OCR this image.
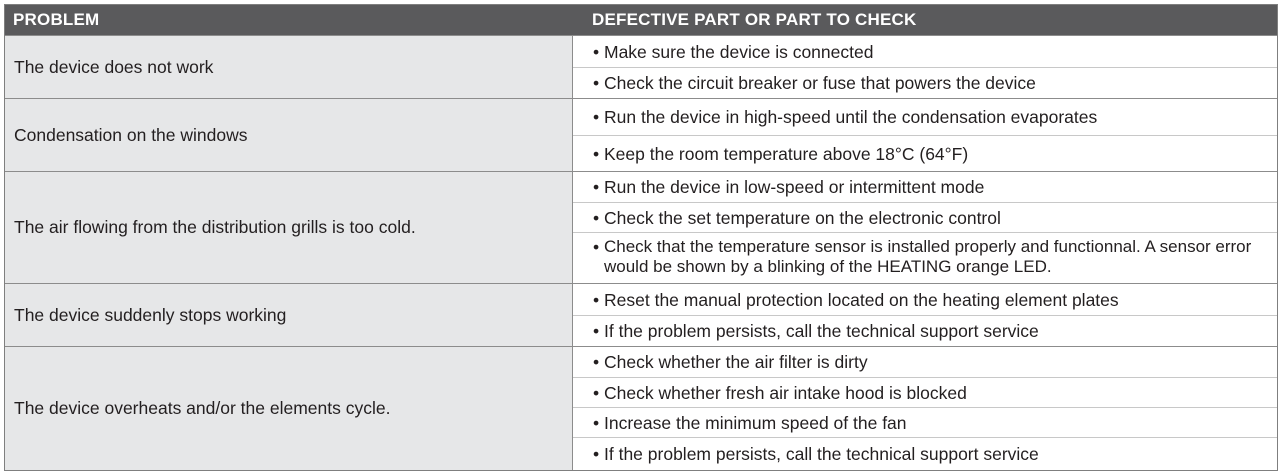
PROBLEM	DEFECTIVE PART OR PART TO CHECK
The device does not work
• Make sure the device is connected
• Check the circuit breaker or fuse that powers the device
Condensation on the windows
• Run the device in high-speed until the condensation evaporates
• Keep the room temperature above 18°C (64°F)
The air flowing from the distribution grills is too cold.
• Run the device in low-speed or intermittent mode
• Check the set temperature on the electronic control
• Check that the temperature sensor is installed properly and functionnal. A sensor error would be shown by a blinking of the HEATING orange LED.
The device suddenly stops working
• Reset the manual protection located on the heating element plates
• If the problem persists, call the technical support service
The device overheats and/or the elements cycle.
• Check whether the air filter is dirty
• Check whether fresh air intake hood is blocked
• Increase the minimum speed of the fan
• If the problem persists, call the technical support service
